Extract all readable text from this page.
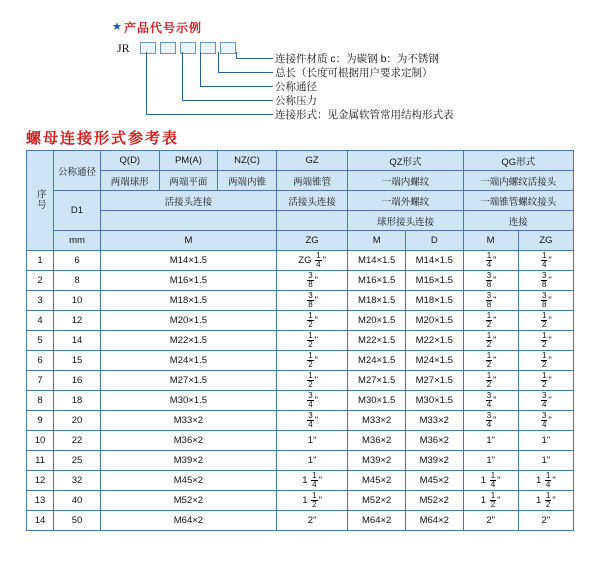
★ 产品代号示例
JR
连接件材质 c：为碳钢 b：为不锈钢
总长（长度可根据用户要求定制）
公称通径
公称压力
连接形式：见金属软管常用结构形式表
螺母连接形式参考表
序号	公称通径	Q(D)	PM(A)	NZ(C)	GZ	QZ形式		QG形式	
		两端球形	两端平面	两端内锥	两端锥管	一端内螺纹		一端内螺纹活接头	
	D1	活接头连接			活接头连接	一端外螺纹		一端锥管螺纹接头	
						球形接头连接		连接	
	mm	M			ZG	M	D	M	ZG
1	6	M14×1.5			ZG $\frac{1}{4}$ "	M14×1.5	M14×1.5	$\frac{1}{4}$ "	$\frac{1}{4}$ "
2	8	M16×1.5			$\frac{3}{8}$ "	M16×1.5	M16×1.5	$\frac{3}{8}$ "	$\frac{3}{8}$ "
3	10	M18×1.5			$\frac{3}{8}$ "	M18×1.5	M18×1.5	$\frac{3}{8}$ "	$\frac{3}{8}$ "
4	12	M20×1.5			$\frac{1}{2}$ "	M20×1.5	M20×1.5	$\frac{1}{2}$ "	$\frac{1}{2}$ "
5	14	M22×1.5			$\frac{1}{2}$ "	M22×1.5	M22×1.5	$\frac{1}{2}$ "	$\frac{1}{2}$ "
6	15	M24×1.5			$\frac{1}{2}$ "	M24×1.5	M24×1.5	$\frac{1}{2}$ "	$\frac{1}{2}$ "
7	16	M27×1.5			$\frac{1}{2}$ "	M27×1.5	M27×1.5	$\frac{1}{2}$ "	$\frac{1}{2}$ "
8	18	M30×1.5			$\frac{3}{4}$ "	M30×1.5	M30×1.5	$\frac{3}{4}$ "	$\frac{3}{4}$ "
9	20	M33×2			$\frac{3}{4}$ "	M33×2	M33×2	$\frac{3}{4}$ "	$\frac{3}{4}$ "
10	22	M36×2			1"	M36×2	M36×2	1"	1"
11	25	M39×2			1"	M39×2	M39×2	1"	1"
12	32	M45×2			$1 \frac{1}{4}$ "	M45×2	M45×2	$1 \frac{1}{4}$ "	$1 \frac{1}{4}$ "
13	40	M52×2			$1 \frac{1}{2}$ "	M52×2	M52×2	$1 \frac{1}{2}$ "	$1 \frac{1}{2}$ "
14	50	M64×2			2"	M64×2	M64×2	2"	2"
